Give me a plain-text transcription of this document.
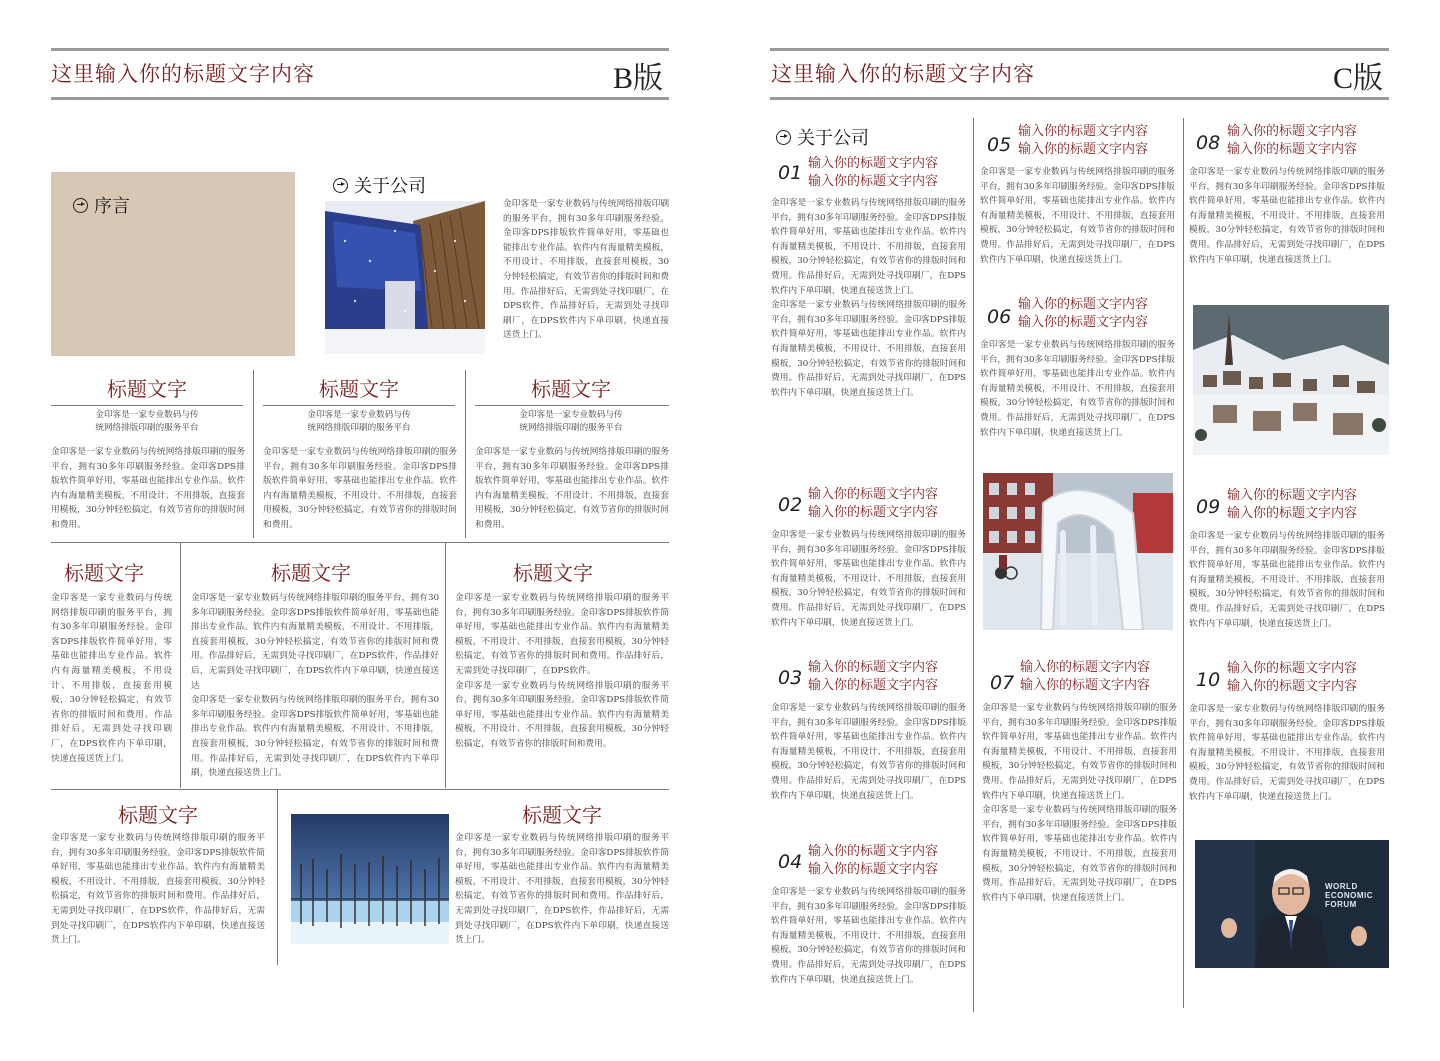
这里输入你的标题文字内容	B版
序言
关于公司
金印客是一家专业数码与传统网络排版印刷的服务平台，拥有30多年印刷服务经验。金印客DPS排版软件简单好用，零基础也能排出专业作品。软件内有海量精美模板，不用设计、不用排版，直接套用模板，30分钟轻松搞定，有效节省你的排版时间和费用。作品排好后，无需到处寻找印刷厂，在DPS软件，作品排好后，无需到处寻找印刷厂，在DPS软件内下单印刷，快递直接送货上门。
标题文字
金印客是一家专业数码与传
统网络排版印刷的服务平台
金印客是一家专业数码与传统网络排版印刷的服务平台，拥有30多年印刷服务经验。金印客DPS排版软件简单好用，零基础也能排出专业作品。软件内有海量精美模板，不用设计、不用排版，直接套用模板，30分钟轻松搞定，有效节省你的排版时间和费用。
标题文字
金印客是一家专业数码与传
统网络排版印刷的服务平台
金印客是一家专业数码与传统网络排版印刷的服务平台，拥有30多年印刷服务经验。金印客DPS排版软件简单好用，零基础也能排出专业作品。软件内有海量精美模板，不用设计、不用排版，直接套用模板，30分钟轻松搞定，有效节省你的排版时间和费用。
标题文字
金印客是一家专业数码与传
统网络排版印刷的服务平台
金印客是一家专业数码与传统网络排版印刷的服务平台，拥有30多年印刷服务经验。金印客DPS排版软件简单好用，零基础也能排出专业作品。软件内有海量精美模板，不用设计、不用排版，直接套用模板，30分钟轻松搞定，有效节省你的排版时间和费用。
标题文字
金印客是一家专业数码与传统网络排版印刷的服务平台，拥有30多年印刷服务经验。金印客DPS排版软件简单好用，零基础也能排出专业作品。软件内有海量精美模板，不用设计、不用排版，直接套用模板，30分钟轻松搞定，有效节省你的排版时间和费用。作品排好后，无需到处寻找印刷厂，在DPS软件内下单印刷，快递直接送货上门。
标题文字
金印客是一家专业数码与传统网络排版印刷的服务平台，拥有30多年印刷服务经验。金印客DPS排版软件简单好用，零基础也能排出专业作品。软件内有海量精美模板，不用设计、不用排版，直接套用模板，30分钟轻松搞定，有效节省你的排版时间和费用。作品排好后，无需到处寻找印刷厂，在DPS软件，作品排好后，无需到处寻找印刷厂，在DPS软件内下单印刷，快递直接送达
金印客是一家专业数码与传统网络排版印刷的服务平台，拥有30多年印刷服务经验。金印客DPS排版软件简单好用，零基础也能排出专业作品。软件内有海量精美模板，不用设计、不用排版，直接套用模板，30分钟轻松搞定，有效节省你的排版时间和费用。作品排好后，无需到处寻找印刷厂，在DPS软件内下单印刷，快递直接送货上门。
标题文字
金印客是一家专业数码与传统网络排版印刷的服务平台，拥有30多年印刷服务经验。金印客DPS排版软件简单好用，零基础也能排出专业作品。软件内有海量精美模板，不用设计、不用排版，直接套用模板，30分钟轻松搞定，有效节省你的排版时间和费用。作品排好后，无需到处寻找印刷厂，在DPS软件。
金印客是一家专业数码与传统网络排版印刷的服务平台，拥有30多年印刷服务经验。金印客DPS排版软件简单好用，零基础也能排出专业作品。软件内有海量精美模板，不用设计、不用排版，直接套用模板，30分钟轻松搞定，有效节省你的排版时间和费用。
标题文字
金印客是一家专业数码与传统网络排版印刷的服务平台，拥有30多年印刷服务经验。金印客DPS排版软件简单好用，零基础也能排出专业作品。软件内有海量精美模板，不用设计、不用排版，直接套用模板，30分钟轻松搞定，有效节省你的排版时间和费用。作品排好后，无需到处寻找印刷厂，在DPS软件，作品排好后，无需到处寻找印刷厂，在DPS软件内下单印刷，快递直接送货上门。
标题文字
金印客是一家专业数码与传统网络排版印刷的服务平台，拥有30多年印刷服务经验。金印客DPS排版软件简单好用，零基础也能排出专业作品。软件内有海量精美模板，不用设计、不用排版，直接套用模板，30分钟轻松搞定，有效节省你的排版时间和费用。作品排好后，无需到处寻找印刷厂，在DPS软件，作品排好后，无需到处寻找印刷厂，在DPS软件内下单印刷，快递直接送货上门。
这里输入你的标题文字内容	C版
关于公司
01 输入你的标题文字内容
输入你的标题文字内容
金印客是一家专业数码与传统网络排版印刷的服务平台，拥有30多年印刷服务经验。金印客DPS排版软件简单好用，零基础也能排出专业作品。软件内有海量精美模板，不用设计、不用排版，直接套用模板，30分钟轻松搞定，有效节省你的排版时间和费用。作品排好后，无需到处寻找印刷厂，在DPS软件内下单印刷，快递直接送货上门。
金印客是一家专业数码与传统网络排版印刷的服务平台，拥有30多年印刷服务经验。金印客DPS排版软件简单好用，零基础也能排出专业作品。软件内有海量精美模板，不用设计、不用排版，直接套用模板，30分钟轻松搞定，有效节省你的排版时间和费用。作品排好后，无需到处寻找印刷厂，在DPS软件内下单印刷，快递直接送货上门。
02 输入你的标题文字内容
输入你的标题文字内容
金印客是一家专业数码与传统网络排版印刷的服务平台，拥有30多年印刷服务经验。金印客DPS排版软件简单好用，零基础也能排出专业作品。软件内有海量精美模板，不用设计、不用排版，直接套用模板，30分钟轻松搞定，有效节省你的排版时间和费用。作品排好后，无需到处寻找印刷厂，在DPS软件内下单印刷，快递直接送货上门。
03 输入你的标题文字内容
输入你的标题文字内容
金印客是一家专业数码与传统网络排版印刷的服务平台，拥有30多年印刷服务经验。金印客DPS排版软件简单好用，零基础也能排出专业作品。软件内有海量精美模板，不用设计、不用排版，直接套用模板，30分钟轻松搞定，有效节省你的排版时间和费用。作品排好后，无需到处寻找印刷厂，在DPS软件内下单印刷，快递直接送货上门。
04 输入你的标题文字内容
输入你的标题文字内容
金印客是一家专业数码与传统网络排版印刷的服务平台，拥有30多年印刷服务经验。金印客DPS排版软件简单好用，零基础也能排出专业作品。软件内有海量精美模板，不用设计、不用排版，直接套用模板，30分钟轻松搞定，有效节省你的排版时间和费用。作品排好后，无需到处寻找印刷厂，在DPS软件内下单印刷，快递直接送货上门。
05
输入你的标题文字内容
输入你的标题文字内容
金印客是一家专业数码与传统网络排版印刷的服务平台，拥有30多年印刷服务经验。金印客DPS排版软件简单好用，零基础也能排出专业作品。软件内有海量精美模板，不用设计、不用排版，直接套用模板，30分钟轻松搞定，有效节省你的排版时间和费用。作品排好后，无需到处寻找印刷厂，在DPS软件内下单印刷，快递直接送货上门。
06
输入你的标题文字内容
输入你的标题文字内容
金印客是一家专业数码与传统网络排版印刷的服务平台，拥有30多年印刷服务经验。金印客DPS排版软件简单好用，零基础也能排出专业作品。软件内有海量精美模板，不用设计、不用排版，直接套用模板，30分钟轻松搞定，有效节省你的排版时间和费用。作品排好后，无需到处寻找印刷厂，在DPS软件内下单印刷，快递直接送货上门。
07
输入你的标题文字内容
输入你的标题文字内容
金印客是一家专业数码与传统网络排版印刷的服务平台，拥有30多年印刷服务经验。金印客DPS排版软件简单好用，零基础也能排出专业作品。软件内有海量精美模板，不用设计、不用排版，直接套用模板，30分钟轻松搞定，有效节省你的排版时间和费用。作品排好后，无需到处寻找印刷厂，在DPS软件内下单印刷，快递直接送货上门。
金印客是一家专业数码与传统网络排版印刷的服务平台，拥有30多年印刷服务经验。金印客DPS排版软件简单好用，零基础也能排出专业作品。软件内有海量精美模板，不用设计、不用排版，直接套用模板，30分钟轻松搞定，有效节省你的排版时间和费用。作品排好后，无需到处寻找印刷厂，在DPS软件内下单印刷，快递直接送货上门。
08
输入你的标题文字内容
输入你的标题文字内容
金印客是一家专业数码与传统网络排版印刷的服务平台，拥有30多年印刷服务经验。金印客DPS排版软件简单好用，零基础也能排出专业作品。软件内有海量精美模板，不用设计、不用排版，直接套用模板，30分钟轻松搞定，有效节省你的排版时间和费用。作品排好后，无需到处寻找印刷厂，在DPS软件内下单印刷，快递直接送货上门。
09
输入你的标题文字内容
输入你的标题文字内容
金印客是一家专业数码与传统网络排版印刷的服务平台，拥有30多年印刷服务经验。金印客DPS排版软件简单好用，零基础也能排出专业作品。软件内有海量精美模板，不用设计、不用排版，直接套用模板，30分钟轻松搞定，有效节省你的排版时间和费用。作品排好后，无需到处寻找印刷厂，在DPS软件内下单印刷，快递直接送货上门。
10
输入你的标题文字内容
输入你的标题文字内容
金印客是一家专业数码与传统网络排版印刷的服务平台，拥有30多年印刷服务经验。金印客DPS排版软件简单好用，零基础也能排出专业作品。软件内有海量精美模板，不用设计、不用排版，直接套用模板，30分钟轻松搞定，有效节省你的排版时间和费用。作品排好后，无需到处寻找印刷厂，在DPS软件内下单印刷，快递直接送货上门。
WORLD
ECONOMIC
FORUM
